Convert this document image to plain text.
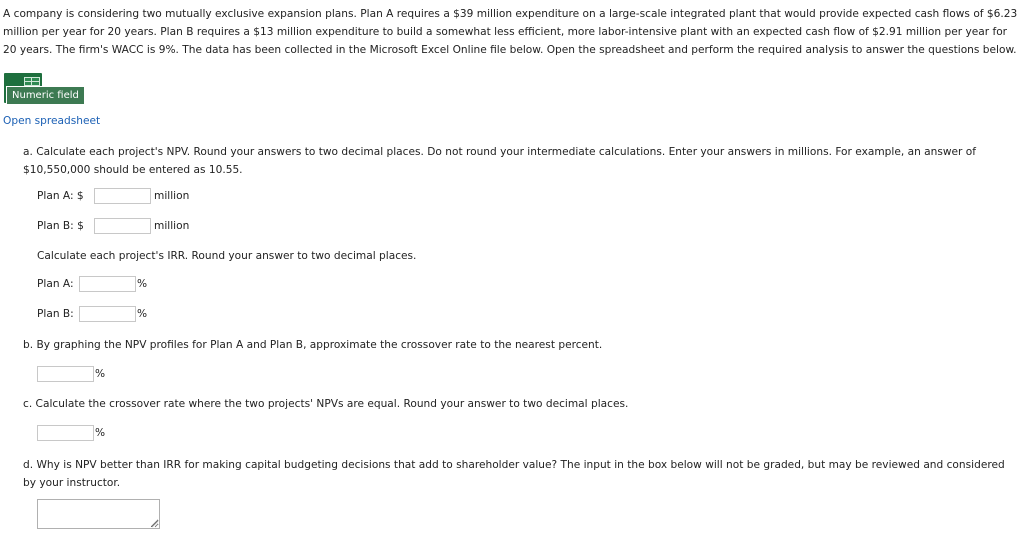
A company is considering two mutually exclusive expansion plans. Plan A requires a $39 million expenditure on a large-scale integrated plant that would provide expected cash flows of $6.23 million per year for 20 years. Plan B requires a $13 million expenditure to build a somewhat less efficient, more labor-intensive plant with an expected cash flow of $2.91 million per year for 20 years. The firm's WACC is 9%. The data has been collected in the Microsoft Excel Online file below. Open the spreadsheet and perform the required analysis to answer the questions below.

Numeric field
Open spreadsheet

a. Calculate each project's NPV. Round your answers to two decimal places. Do not round your intermediate calculations. Enter your answers in millions. For example, an answer of $10,550,000 should be entered as 10.55.

Plan A: $	million
Plan B: $	million
Calculate each project's IRR. Round your answer to two decimal places.
Plan A:	%
Plan B:	%
b. By graphing the NPV profiles for Plan A and Plan B, approximate the crossover rate to the nearest percent.
%
c. Calculate the crossover rate where the two projects' NPVs are equal. Round your answer to two decimal places.
%

d. Why is NPV better than IRR for making capital budgeting decisions that add to shareholder value? The input in the box below will not be graded, but may be reviewed and considered by your instructor.
